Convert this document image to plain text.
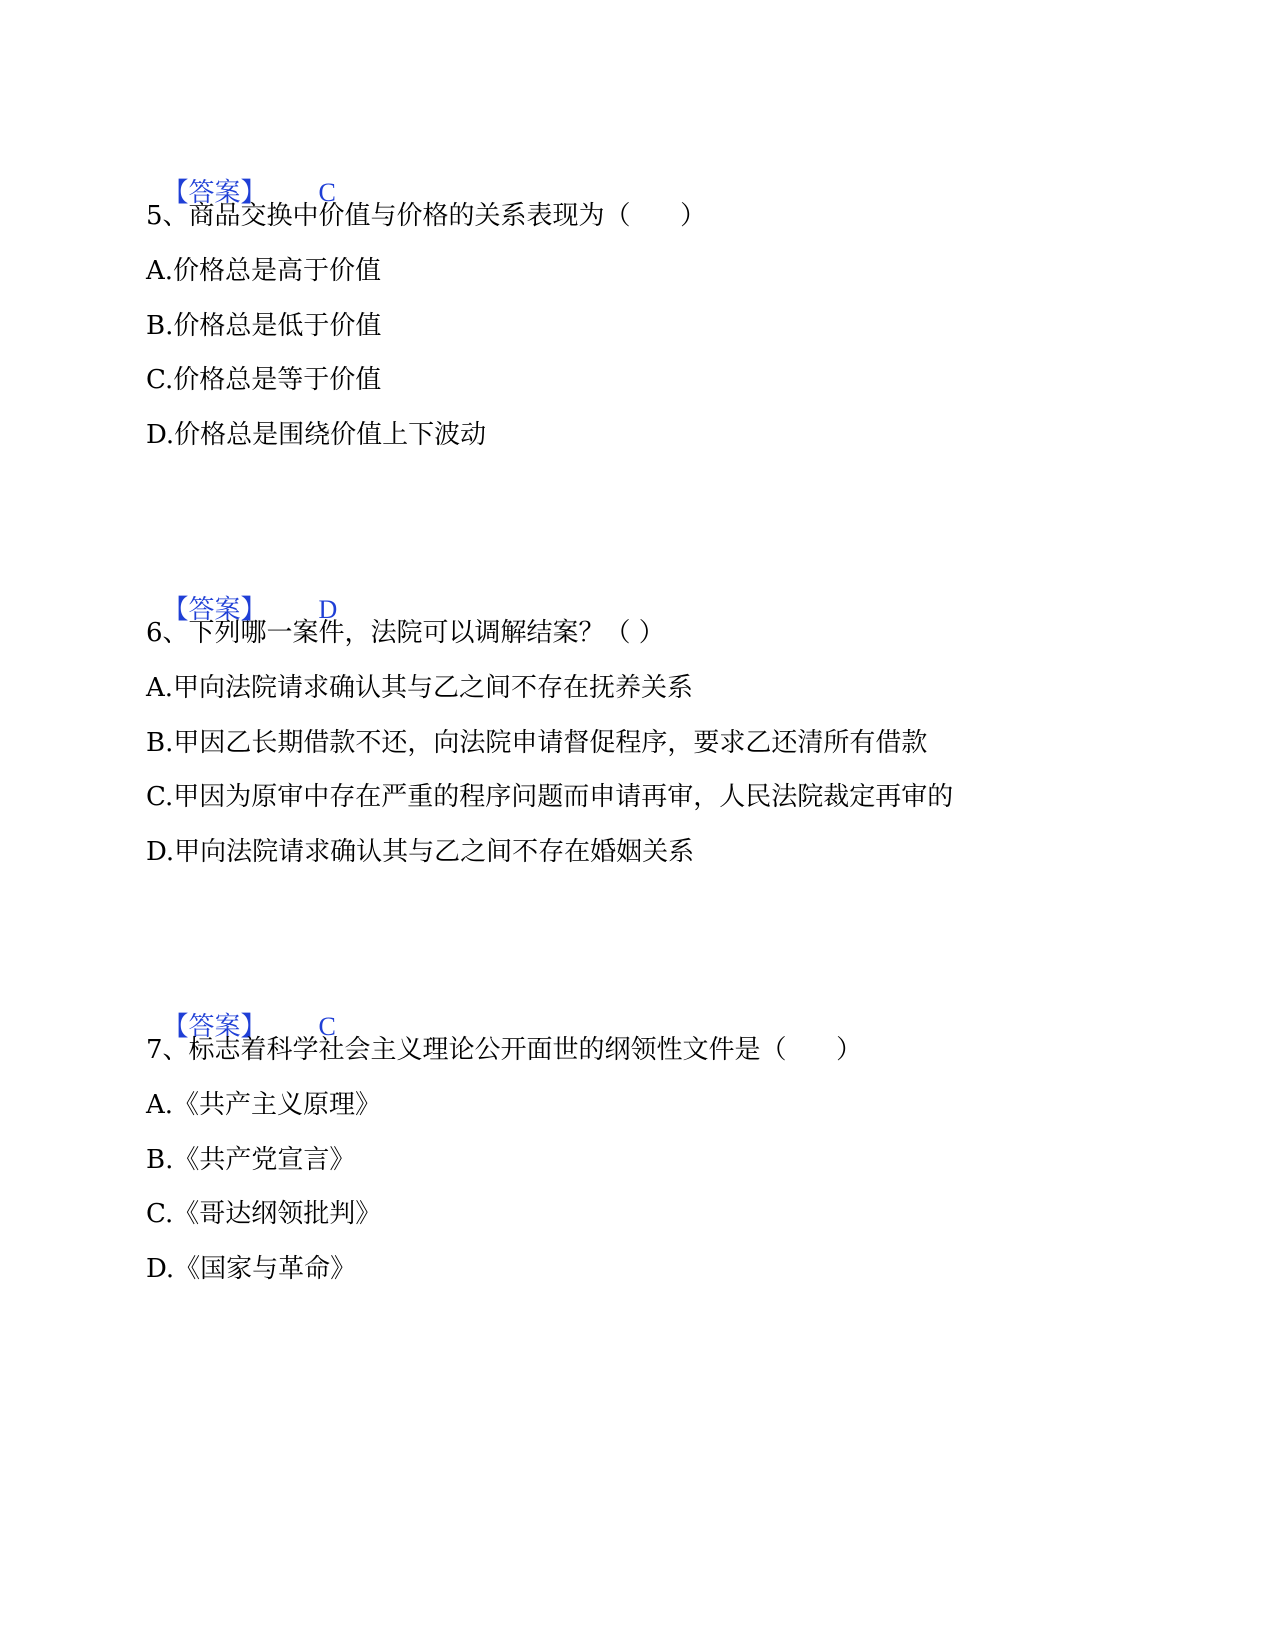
【答案】 C

5、商品交换中价值与价格的关系表现为（      ）
A.价格总是高于价值
B.价格总是低于价值
C.价格总是等于价值
D.价格总是围绕价值上下波动

【答案】 D

6、下列哪一案件，法院可以调解结案？（ ）
A.甲向法院请求确认其与乙之间不存在抚养关系
B.甲因乙长期借款不还，向法院申请督促程序，要求乙还清所有借款
C.甲因为原审中存在严重的程序问题而申请再审，人民法院裁定再审的
D.甲向法院请求确认其与乙之间不存在婚姻关系

【答案】 C

7、标志着科学社会主义理论公开面世的纲领性文件是（      ）
A.《共产主义原理》
B.《共产党宣言》
C.《哥达纲领批判》
D.《国家与革命》
